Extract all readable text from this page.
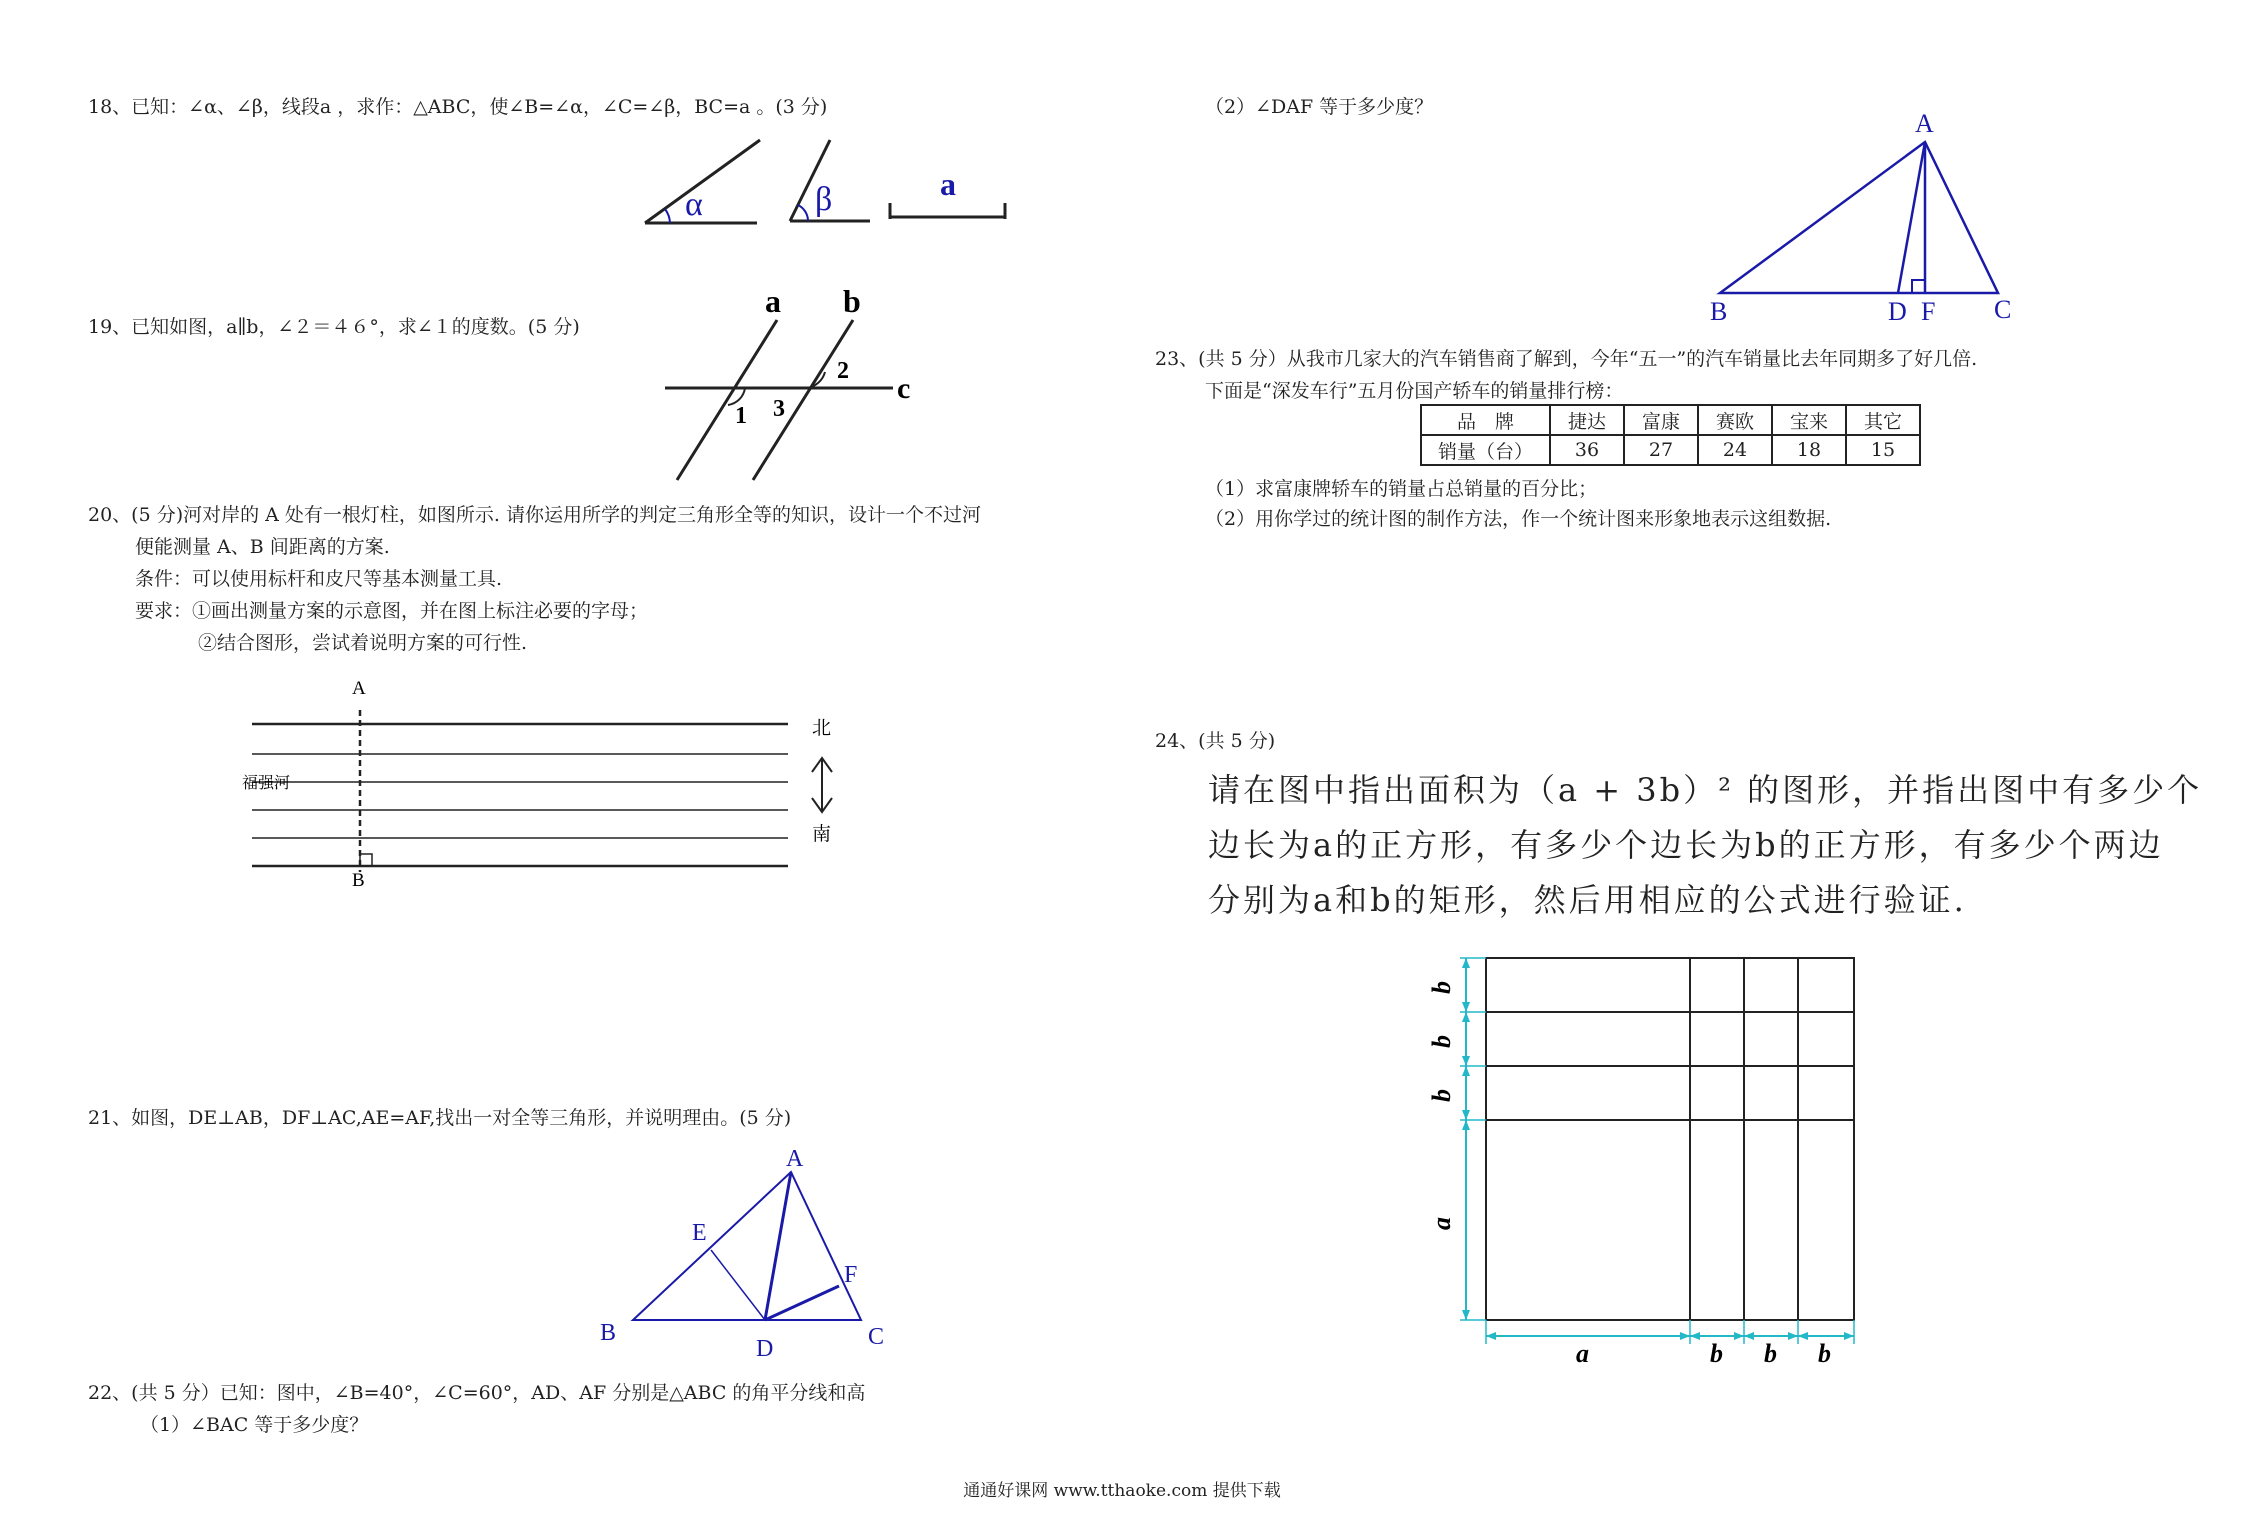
18、已知：∠α、∠β，线段a ，求作：△ABC，使∠B=∠α，∠C=∠β，BC=a 。(3 分)
α	β	a
19、已知如图，a∥b，∠２＝４６°，求∠１的度数。(5 分)
a b
c
1
2
3
20、(5 分)河对岸的 A 处有一根灯柱，如图所示. 请你运用所学的判定三角形全等的知识，设计一个不过河
便能测量 A、B 间距离的方案.
条件：可以使用标杆和皮尺等基本测量工具.
要求：①画出测量方案的示意图，并在图上标注必要的字母；
②结合图形，尝试着说明方案的可行性.
A
B
福强河
北
南
21、如图，DE⊥AB，DF⊥AC,AE=AF,找出一对全等三角形，并说明理由。(5 分)
A
B	C
D
E
F
22、(共 5 分）已知：图中，∠B=40°，∠C=60°，AD、AF 分别是△ABC 的角平分线和高
（1）∠BAC 等于多少度？
（2）∠DAF 等于多少度？
A
B	C
D F
23、(共 5 分）从我市几家大的汽车销售商了解到，今年“五一”的汽车销量比去年同期多了好几倍.
下面是“深发车行”五月份国产轿车的销量排行榜：
品　牌	捷达	富康	赛欧	宝来	其它
销量（台）	36	27	24	18	15
（1）求富康牌轿车的销量占总销量的百分比；
（2）用你学过的统计图的制作方法，作一个统计图来形象地表示这组数据.
24、(共 5 分)
请在图中指出面积为（a + 3b）² 的图形，并指出图中有多少个
边长为a的正方形，有多少个边长为b的正方形，有多少个两边
分别为a和b的矩形，然后用相应的公式进行验证.
b
b
b
a
a	b b b
通通好课网 www.tthaoke.com 提供下载
